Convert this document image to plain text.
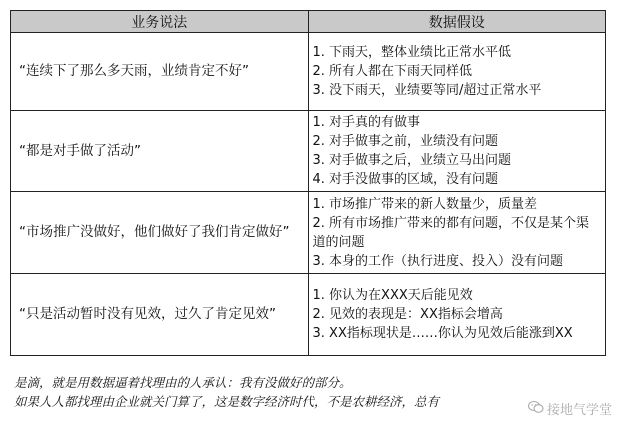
业务说法	数据假设
“连续下了那么多天雨，业绩肯定不好”	1. 下雨天，整体业绩比正常水平低
2. 所有人都在下雨天同样低
3. 没下雨天，业绩要等同/超过正常水平

“都是对手做了活动”	1. 对手真的有做事
2. 对手做事之前，业绩没有问题
3. 对手做事之后，业绩立马出问题
4. 对手没做事的区域，没有问题

“市场推广没做好，他们做好了我们肯定做好”	1. 市场推广带来的新人数量少，质量差
2. 所有市场推广带来的都有问题，不仅是某个渠道的问题
3. 本身的工作（执行进度、投入）没有问题

“只是活动暂时没有见效，过久了肯定见效”	1. 你认为在XXX天后能见效
2. 见效的表现是：XX指标会增高
3. XX指标现状是……你认为见效后能涨到XX
是滴，就是用数据逼着找理由的人承认：我有没做好的部分。
如果人人都找理由企业就关门算了，这是数字经济时代，不是农耕经济，总有
接地气学堂
